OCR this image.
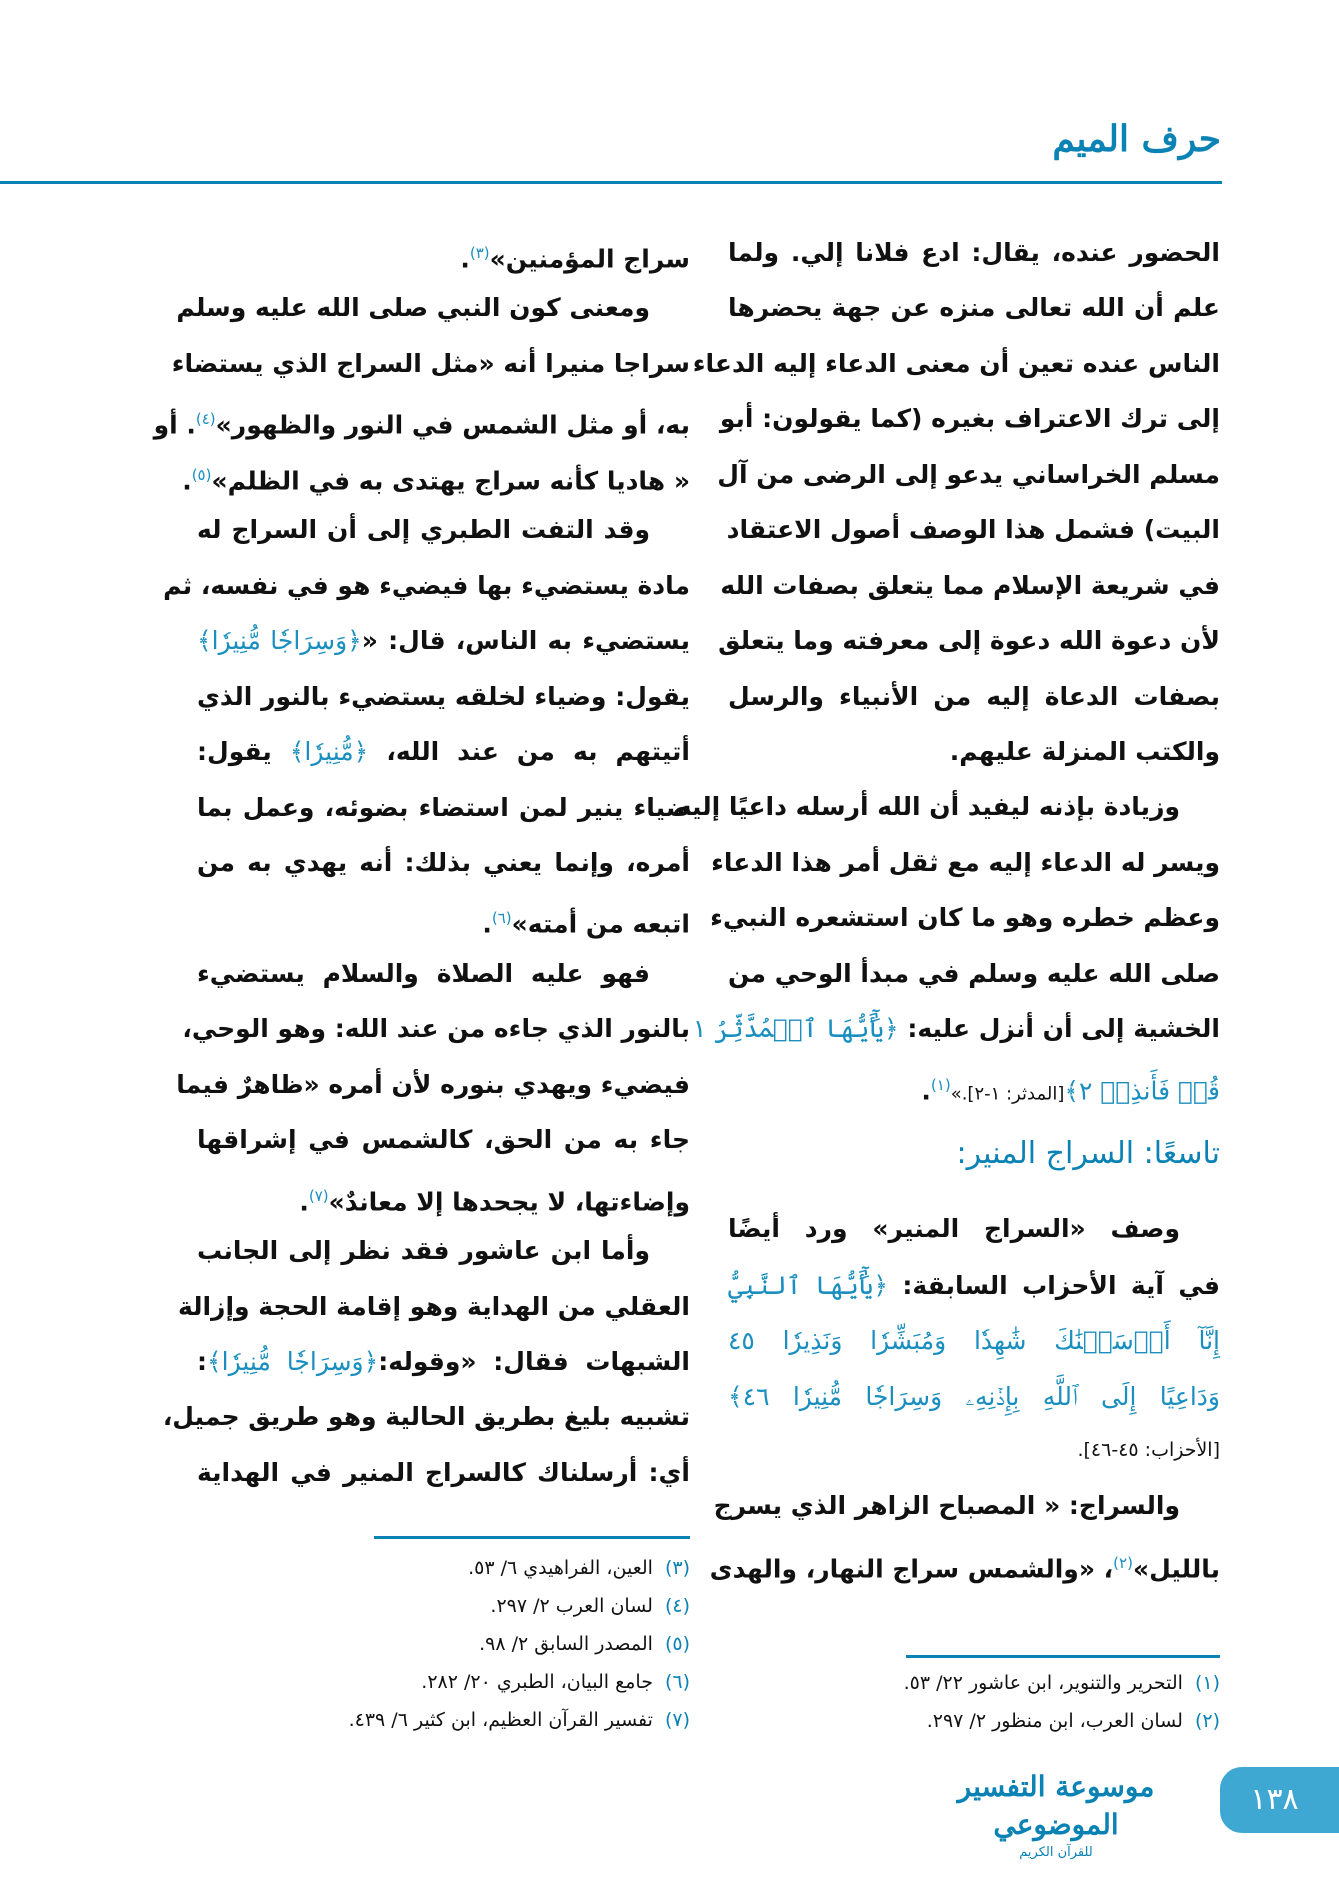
حرف الميم
الحضور عنده، يقال: ادع فلانا إلي. ولما
علم أن الله تعالى منزه عن جهة يحضرها
الناس عنده تعين أن معنى الدعاء إليه الدعاء
إلى ترك الاعتراف بغيره (كما يقولون: أبو
مسلم الخراساني يدعو إلى الرضى من آل
البيت) فشمل هذا الوصف أصول الاعتقاد
في شريعة الإسلام مما يتعلق بصفات الله
لأن دعوة الله دعوة إلى معرفته وما يتعلق
بصفات الدعاة إليه من الأنبياء والرسل
والكتب المنزلة عليهم.
وزيادة بإذنه ليفيد أن الله أرسله داعيًا إليه
ويسر له الدعاء إليه مع ثقل أمر هذا الدعاء
وعظم خطره وهو ما كان استشعره النبيء
صلى الله عليه وسلم في مبدأ الوحي من
الخشية إلى أن أنزل عليه: ﴿يَٰٓأَيُّهَا ٱلۡمُدَّثِّرُ ١
قُمۡ فَأَنذِرۡ ٢﴾[المدثر: ١-٢].»$^{(١)}$.
تاسعًا: السراج المنير:
وصف «السراج المنير» ورد أيضًا
في آية الأحزاب السابقة: ﴿يَٰٓأَيُّهَا ٱلنَّبِيُّ
إِنَّآ أَرۡسَلۡنَٰكَ شَٰهِدٗا وَمُبَشِّرٗا وَنَذِيرٗا ٤٥
وَدَاعِيًا إِلَى ٱللَّهِ بِإِذۡنِهِۦ وَسِرَاجٗا مُّنِيرٗا ٤٦﴾
[الأحزاب: ٤٥-٤٦].
والسراج: « المصباح الزاهر الذي يسرج
بالليل»$^{(٢)}$، «والشمس سراج النهار، والهدى
سراج المؤمنين»$^{(٣)}$.
ومعنى كون النبي صلى الله عليه وسلم
سراجا منيرا أنه «مثل السراج الذي يستضاء
به، أو مثل الشمس في النور والظهور»$^{(٤)}$. أو
« هاديا كأنه سراج يهتدى به في الظلم»$^{(٥)}$.
وقد التفت الطبري إلى أن السراج له
مادة يستضيء بها فيضيء هو في نفسه، ثم
يستضيء به الناس، قال: «﴿وَسِرَاجٗا مُّنِيرٗا﴾
يقول: وضياء لخلقه يستضيء بالنور الذي
أتيتهم به من عند الله، ﴿مُّنِيرٗا﴾ يقول:
ضياء ينير لمن استضاء بضوئه، وعمل بما
أمره، وإنما يعني بذلك: أنه يهدي به من
اتبعه من أمته»$^{(٦)}$.
فهو عليه الصلاة والسلام يستضيء
بالنور الذي جاءه من عند الله: وهو الوحي،
فيضيء ويهدي بنوره لأن أمره «ظاهرٌ فيما
جاء به من الحق، كالشمس في إشراقها
وإضاءتها، لا يجحدها إلا معاندٌ»$^{(٧)}$.
وأما ابن عاشور فقد نظر إلى الجانب
العقلي من الهداية وهو إقامة الحجة وإزالة
الشبهات فقال: «وقوله:﴿وَسِرَاجٗا مُّنِيرٗا﴾:
تشبيه بليغ بطريق الحالية وهو طريق جميل،
أي: أرسلناك كالسراج المنير في الهداية
(١)التحرير والتنوير، ابن عاشور ٢٢/ ٥٣.
(٢)لسان العرب، ابن منظور ٢/ ٢٩٧.
(٣)العين، الفراهيدي ٦/ ٥٣.
(٤)لسان العرب ٢/ ٢٩٧.
(٥)المصدر السابق ٢/ ٩٨.
(٦)جامع البيان، الطبري ٢٠/ ٢٨٢.
(٧)تفسير القرآن العظيم، ابن كثير ٦/ ٤٣٩.
موسوعة التفسير الموضوعي
للقرآن الكريم
١٣٨
